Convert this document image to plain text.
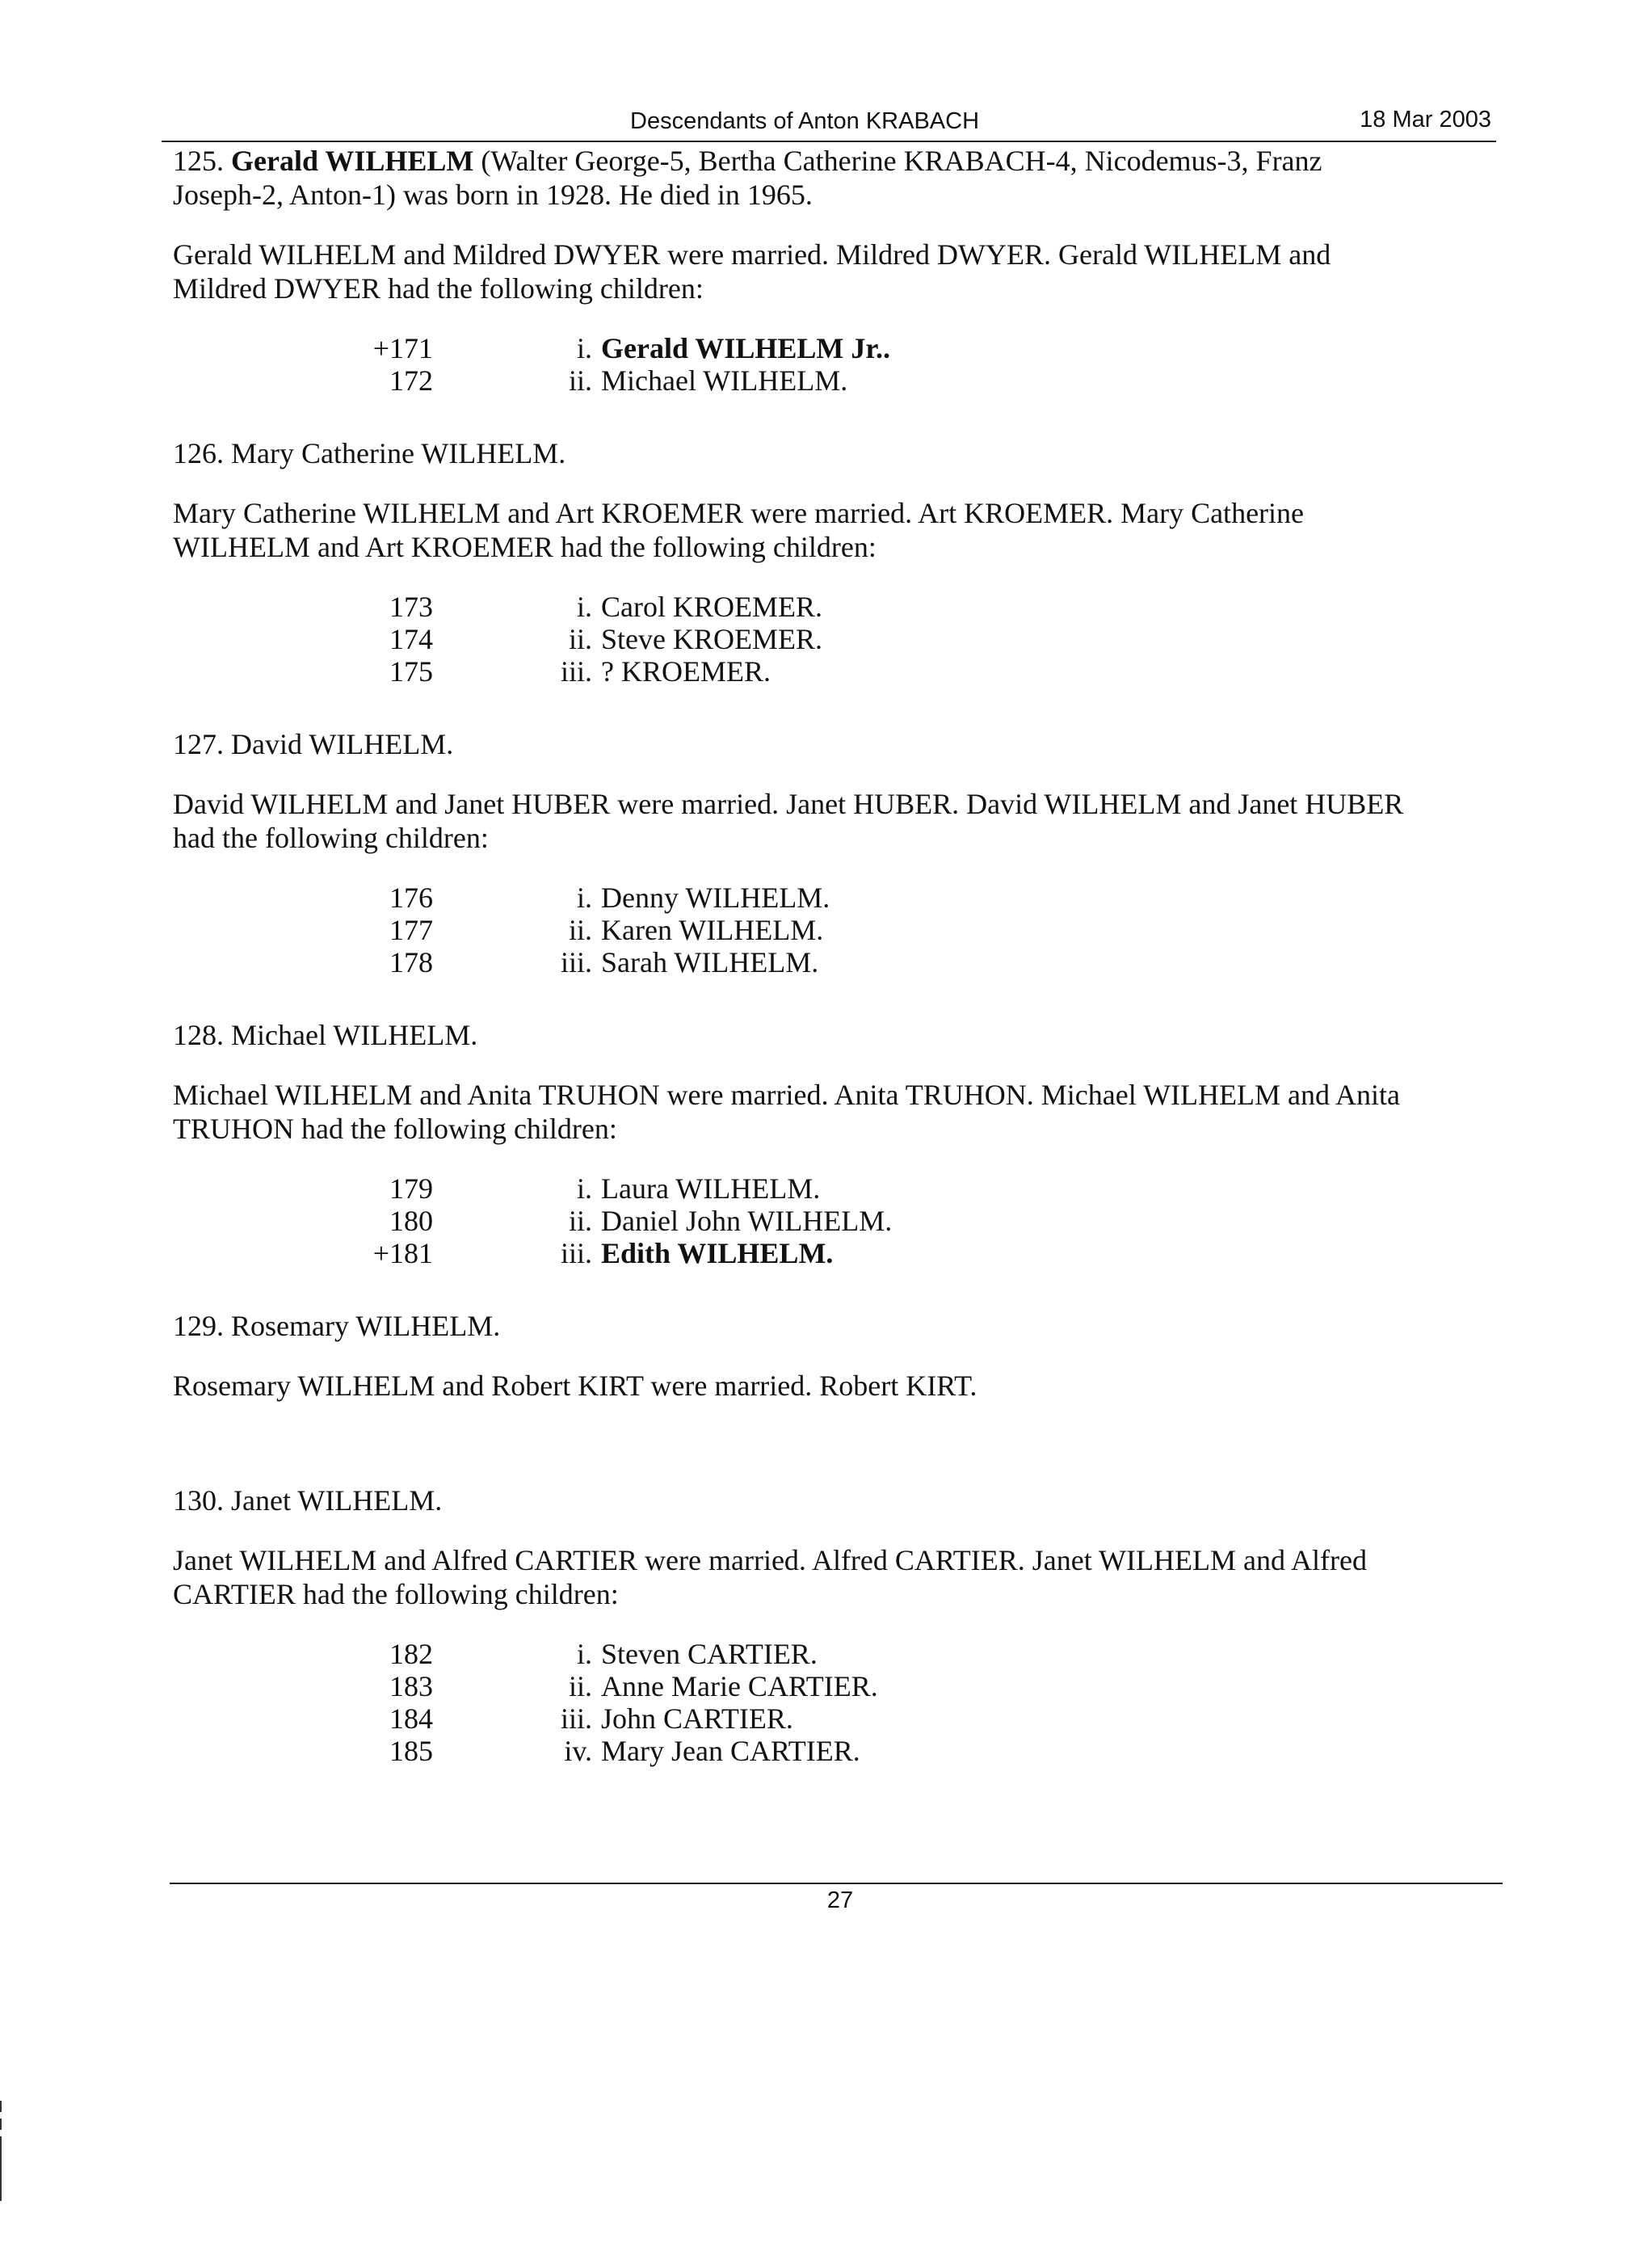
Descendants of Anton KRABACH	18 Mar 2003

125. Gerald WILHELM (Walter George-5, Bertha Catherine KRABACH-4, Nicodemus-3, Franz
Joseph-2, Anton-1) was born in 1928. He died in 1965.

Gerald WILHELM and Mildred DWYER were married. Mildred DWYER. Gerald WILHELM and
Mildred DWYER had the following children:

+171	i. Gerald WILHELM Jr..
172	ii. Michael WILHELM.

126. Mary Catherine WILHELM.

Mary Catherine WILHELM and Art KROEMER were married. Art KROEMER. Mary Catherine
WILHELM and Art KROEMER had the following children:

173	i. Carol KROEMER.
174	ii. Steve KROEMER.
175	iii. ? KROEMER.

127. David WILHELM.

David WILHELM and Janet HUBER were married. Janet HUBER. David WILHELM and Janet HUBER
had the following children:

176	i. Denny WILHELM.
177	ii. Karen WILHELM.
178	iii. Sarah WILHELM.

128. Michael WILHELM.

Michael WILHELM and Anita TRUHON were married. Anita TRUHON. Michael WILHELM and Anita
TRUHON had the following children:

179	i. Laura WILHELM.
180	ii. Daniel John WILHELM.
+181	iii. Edith WILHELM.

129. Rosemary WILHELM.

Rosemary WILHELM and Robert KIRT were married. Robert KIRT.

130. Janet WILHELM.

Janet WILHELM and Alfred CARTIER were married. Alfred CARTIER. Janet WILHELM and Alfred
CARTIER had the following children:

182	i. Steven CARTIER.
183	ii. Anne Marie CARTIER.
184	iii. John CARTIER.
185	iv. Mary Jean CARTIER.
27
